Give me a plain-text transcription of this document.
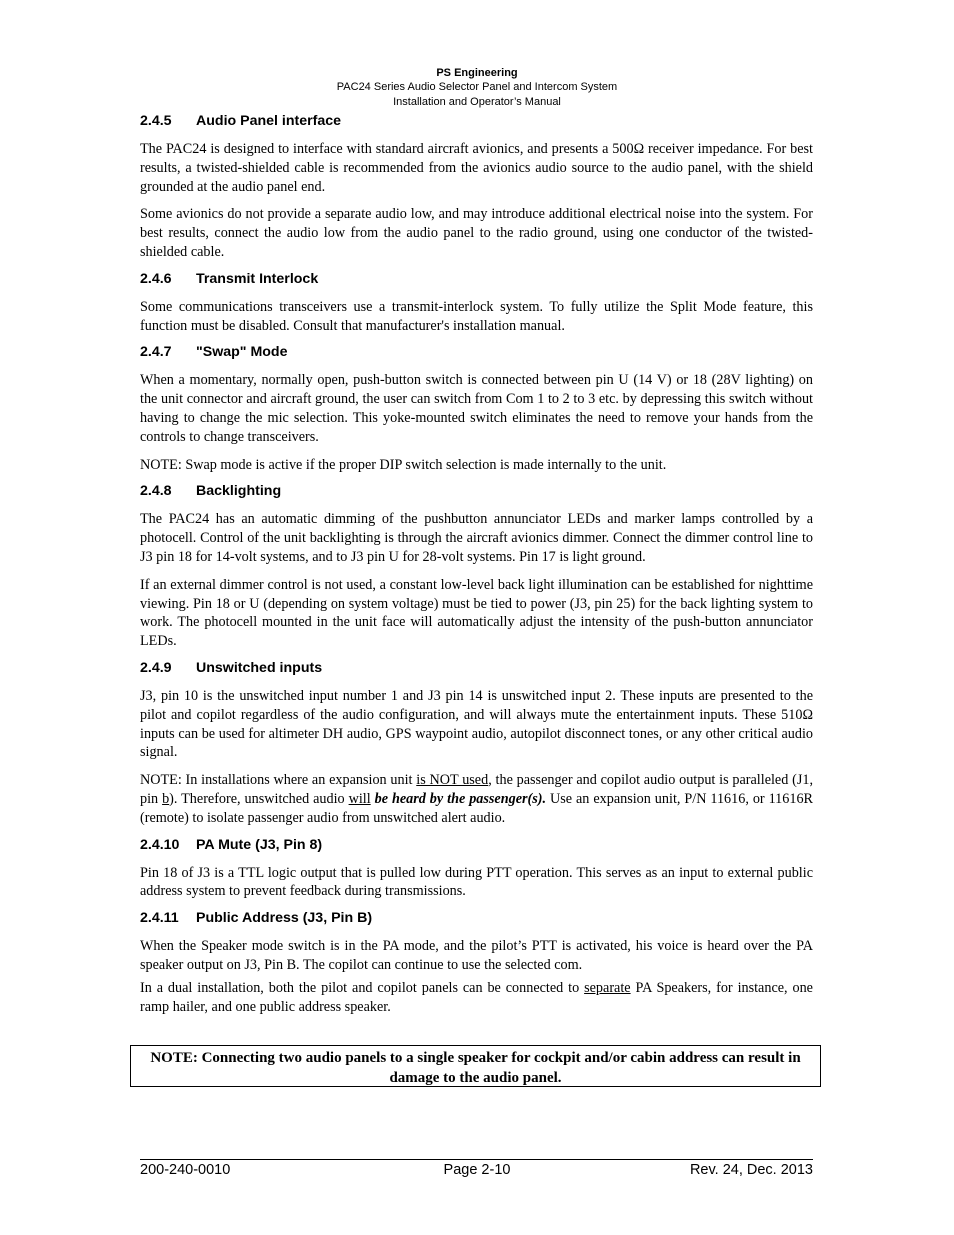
PS Engineering
PAC24 Series Audio Selector Panel and Intercom System
Installation and Operator’s Manual
2.4.5 Audio Panel interface

The PAC24 is designed to interface with standard aircraft avionics, and presents a 500Ω receiver impedance. For best results, a twisted-shielded cable is recommended from the avionics audio source to the audio panel, with the shield grounded at the audio panel end.

Some avionics do not provide a separate audio low, and may introduce additional electrical noise into the system. For best results, connect the audio low from the audio panel to the radio ground, using one conductor of the twisted-shielded cable.

2.4.6 Transmit Interlock

Some communications transceivers use a transmit-interlock system. To fully utilize the Split Mode feature, this function must be disabled. Consult that manufacturer's installation manual.

2.4.7 "Swap" Mode

When a momentary, normally open, push-button switch is connected between pin U (14 V) or 18 (28V lighting) on the unit connector and aircraft ground, the user can switch from Com 1 to 2 to 3 etc. by depressing this switch without having to change the mic selection. This yoke-mounted switch eliminates the need to remove your hands from the controls to change transceivers.

NOTE: Swap mode is active if the proper DIP switch selection is made internally to the unit.

2.4.8 Backlighting

The PAC24 has an automatic dimming of the pushbutton annunciator LEDs and marker lamps controlled by a photocell. Control of the unit backlighting is through the aircraft avionics dimmer. Connect the dimmer control line to J3 pin 18 for 14-volt systems, and to J3 pin U for 28-volt systems. Pin 17 is light ground.

If an external dimmer control is not used, a constant low-level back light illumination can be established for nighttime viewing. Pin 18 or U (depending on system voltage) must be tied to power (J3, pin 25) for the back lighting system to work. The photocell mounted in the unit face will automatically adjust the intensity of the push-button annunciator LEDs.

2.4.9 Unswitched inputs

J3, pin 10 is the unswitched input number 1 and J3 pin 14 is unswitched input 2. These inputs are presented to the pilot and copilot regardless of the audio configuration, and will always mute the entertainment inputs. These 510Ω inputs can be used for altimeter DH audio, GPS waypoint audio, autopilot disconnect tones, or any other critical audio signal.

NOTE: In installations where an expansion unit is NOT used, the passenger and copilot audio output is paralleled (J1, pin b). Therefore, unswitched audio will be heard by the passenger(s). Use an expansion unit, P/N 11616, or 11616R (remote) to isolate passenger audio from unswitched alert audio.

2.4.10 PA Mute (J3, Pin 8)

Pin 18 of J3 is a TTL logic output that is pulled low during PTT operation. This serves as an input to external public address system to prevent feedback during transmissions.

2.4.11 Public Address (J3, Pin B)

When the Speaker mode switch is in the PA mode, and the pilot’s PTT is activated, his voice is heard over the PA speaker output on J3, Pin B. The copilot can continue to use the selected com.

In a dual installation, both the pilot and copilot panels can be connected to separate PA Speakers, for instance, one ramp hailer, and one public address speaker.

NOTE: Connecting two audio panels to a single speaker for cockpit and/or cabin address can result in damage to the audio panel.
200-240-0010	Page 2-10	Rev. 24, Dec. 2013
